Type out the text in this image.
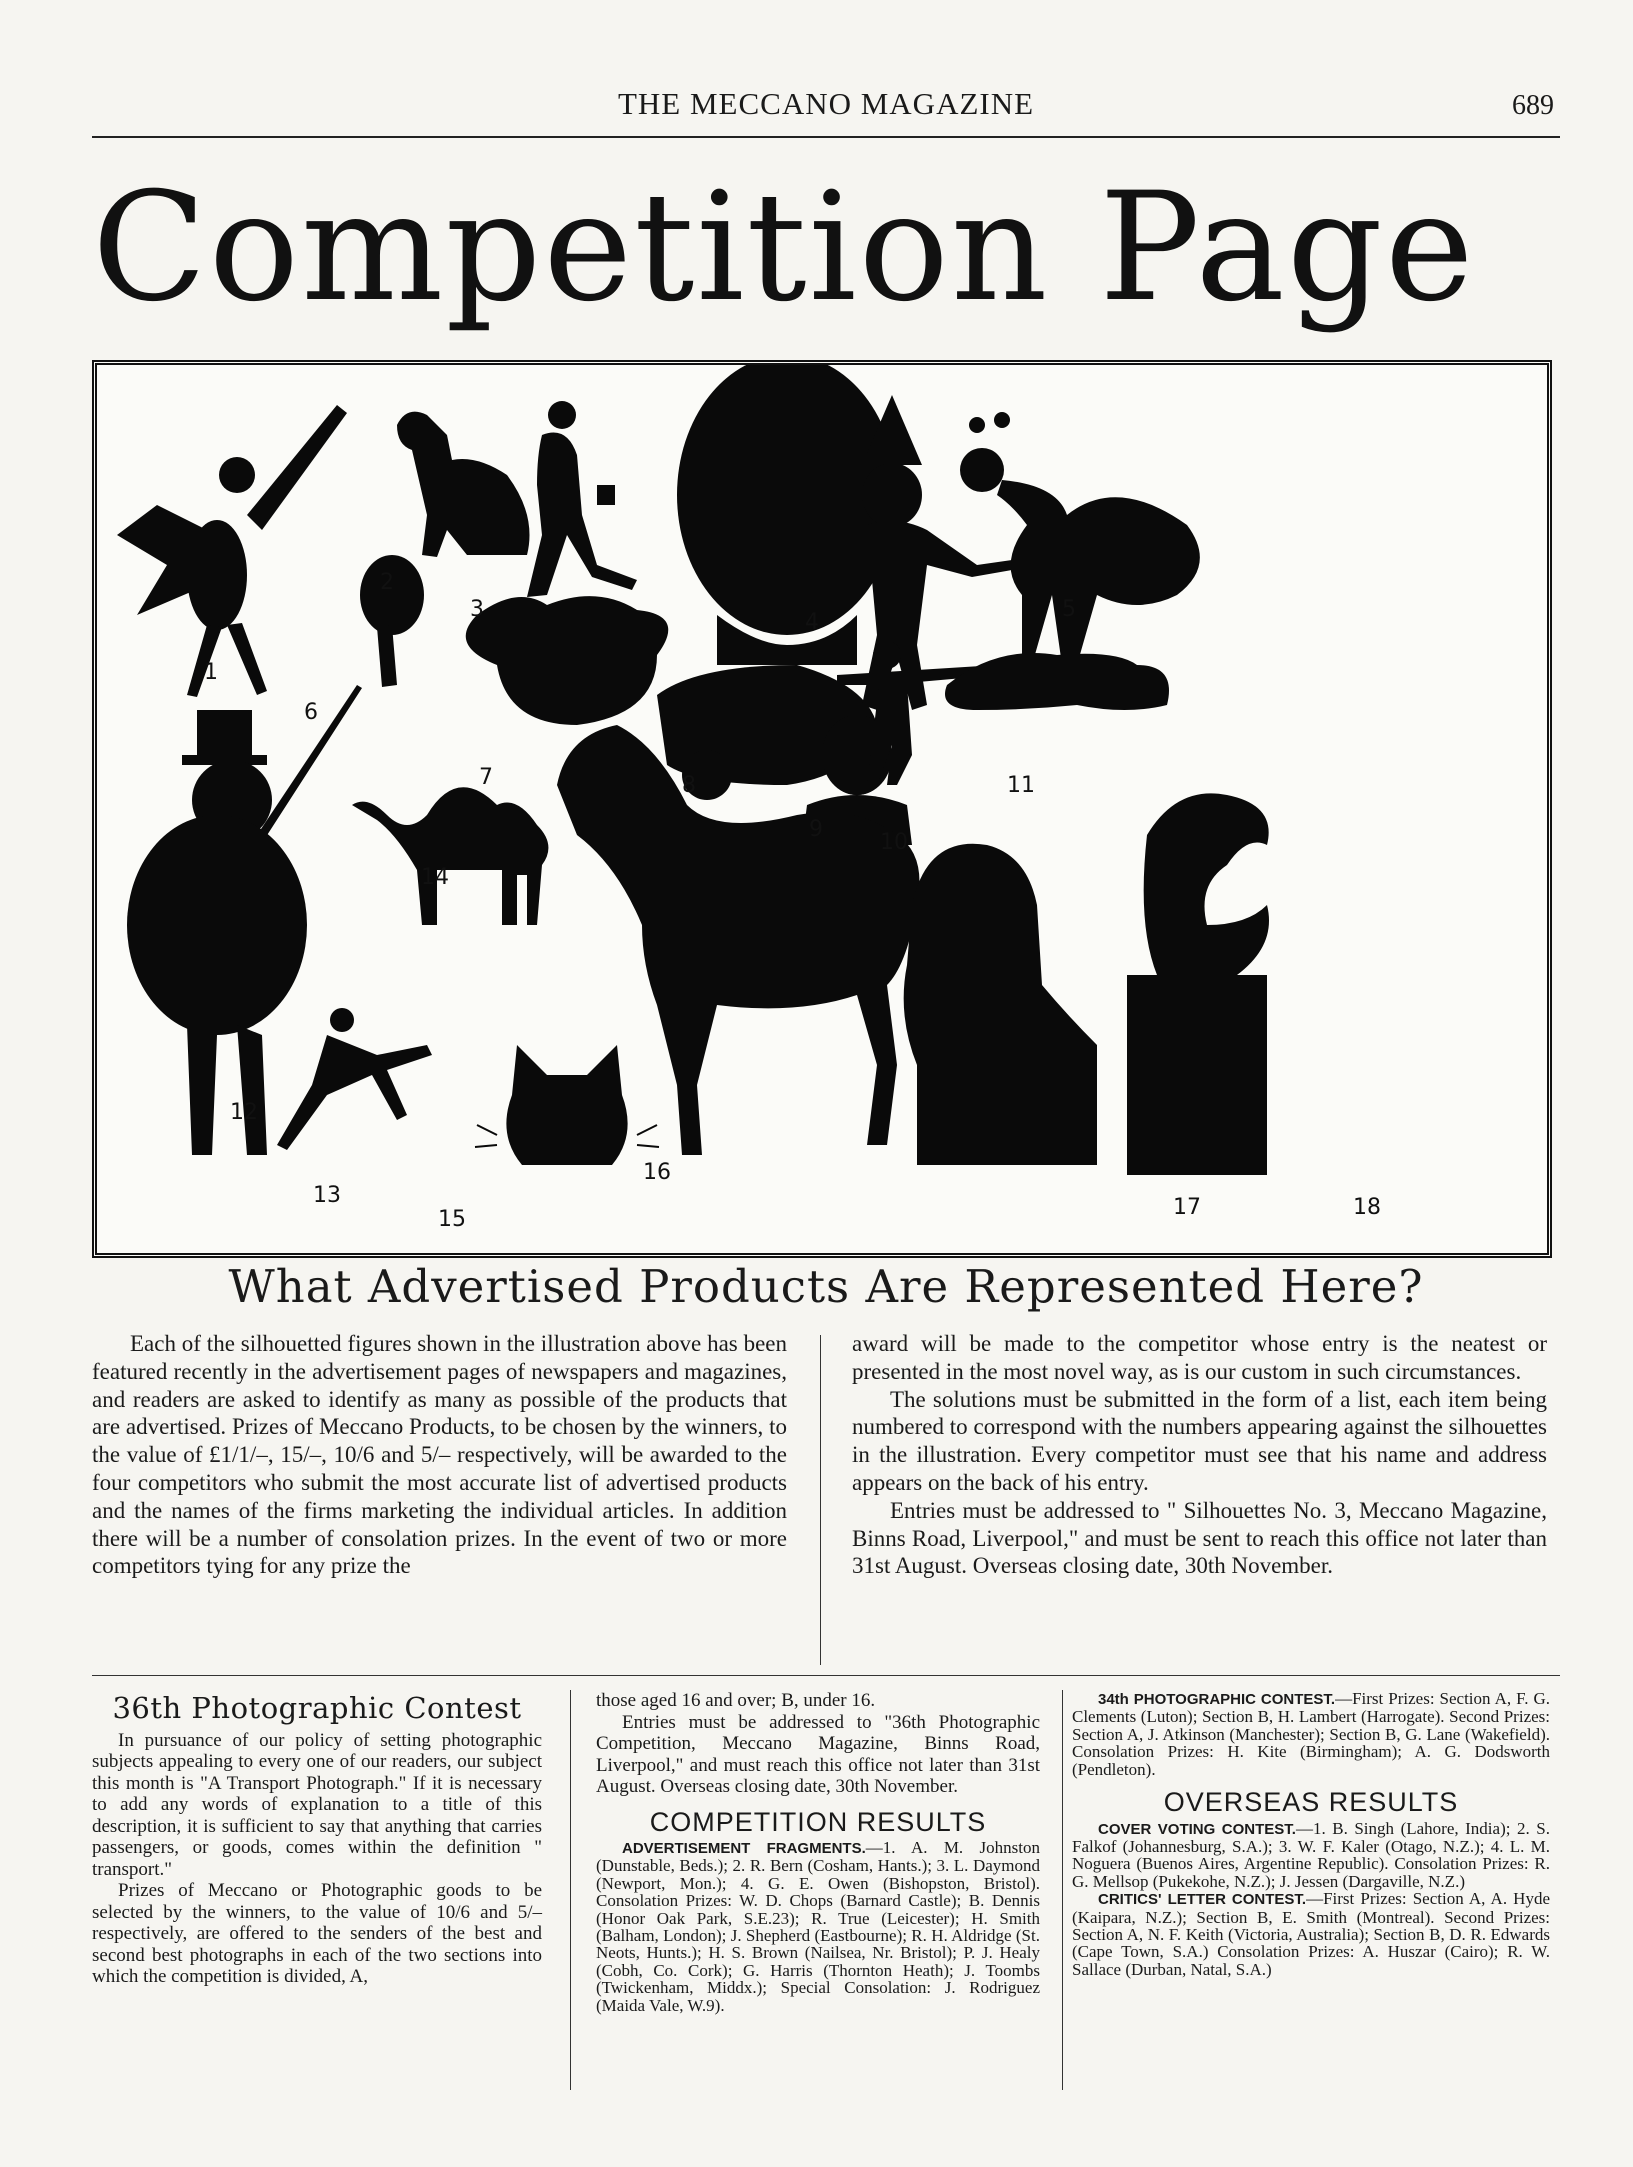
THE MECCANO MAGAZINE	689
Competition Page
1
2
3
4
5
6
7	8
9
10
11
12
13
14
15
16
17	18
What Advertised Products Are Represented Here?

Each of the silhouetted figures shown in the illustration above has been featured recently in the advertisement pages of newspapers and magazines, and readers are asked to identify as many as possible of the products that are advertised. Prizes of Meccano Products, to be chosen by the winners, to the value of £1/1/–, 15/–, 10/6 and 5/– respectively, will be awarded to the four competitors who submit the most accurate list of advertised products and the names of the firms marketing the individual articles. In addition there will be a number of consolation prizes. In the event of two or more competitors tying for any prize the

award will be made to the competitor whose entry is the neatest or presented in the most novel way, as is our custom in such circumstances.

The solutions must be submitted in the form of a list, each item being numbered to correspond with the numbers appearing against the silhouettes in the illustration. Every competitor must see that his name and address appears on the back of his entry.

Entries must be addressed to " Silhouettes No. 3, Meccano Magazine, Binns Road, Liverpool," and must be sent to reach this office not later than 31st August. Overseas closing date, 30th November.

36th Photographic Contest

In pursuance of our policy of setting photographic subjects appealing to every one of our readers, our subject this month is "A Transport Photograph." If it is necessary to add any words of explanation to a title of this description, it is sufficient to say that anything that carries passengers, or goods, comes within the definition " transport."

Prizes of Meccano or Photographic goods to be selected by the winners, to the value of 10/6 and 5/– respectively, are offered to the senders of the best and second best photographs in each of the two sections into which the competition is divided, A,

those aged 16 and over; B, under 16.

Entries must be addressed to "36th Photographic Competition, Meccano Magazine, Binns Road, Liverpool," and must reach this office not later than 31st August. Overseas closing date, 30th November.

COMPETITION RESULTS

ADVERTISEMENT FRAGMENTS.—1. A. M. Johnston (Dunstable, Beds.); 2. R. Bern (Cosham, Hants.); 3. L. Daymond (Newport, Mon.); 4. G. E. Owen (Bishopston, Bristol). Consolation Prizes: W. D. Chops (Barnard Castle); B. Dennis (Honor Oak Park, S.E.23); R. True (Leicester); H. Smith (Balham, London); J. Shepherd (Eastbourne); R. H. Aldridge (St. Neots, Hunts.); H. S. Brown (Nailsea, Nr. Bristol); P. J. Healy (Cobh, Co. Cork); G. Harris (Thornton Heath); J. Toombs (Twickenham, Middx.); Special Consolation: J. Rodriguez (Maida Vale, W.9).

34th PHOTOGRAPHIC CONTEST.—First Prizes: Section A, F. G. Clements (Luton); Section B, H. Lambert (Harrogate). Second Prizes: Section A, J. Atkinson (Manchester); Section B, G. Lane (Wakefield). Consolation Prizes: H. Kite (Birmingham); A. G. Dodsworth (Pendleton).

OVERSEAS RESULTS

COVER VOTING CONTEST.—1. B. Singh (Lahore, India); 2. S. Falkof (Johannesburg, S.A.); 3. W. F. Kaler (Otago, N.Z.); 4. L. M. Noguera (Buenos Aires, Argentine Republic). Consolation Prizes: R. G. Mellsop (Pukekohe, N.Z.); J. Jessen (Dargaville, N.Z.)

CRITICS' LETTER CONTEST.—First Prizes: Section A, A. Hyde (Kaipara, N.Z.); Section B, E. Smith (Montreal). Second Prizes: Section A, N. F. Keith (Victoria, Australia); Section B, D. R. Edwards (Cape Town, S.A.) Consolation Prizes: A. Huszar (Cairo); R. W. Sallace (Durban, Natal, S.A.)
